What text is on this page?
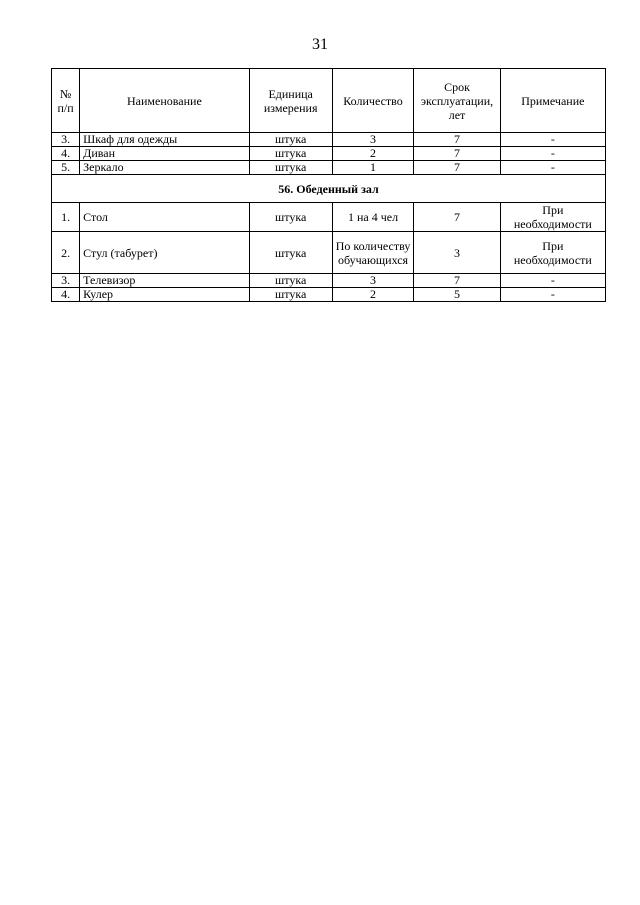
31
№ п/п	Наименование	Единица измерения	Количество	Срок эксплуатации, лет	Примечание
3.	Шкаф для одежды	штука	3	7	-
4.	Диван	штука	2	7	-
5.	Зеркало	штука	1	7	-
56. Обеденный зал					
1.	Стол	штука	1 на 4 чел	7	При необходимости
2.	Стул (табурет)	штука	По количеству обучающихся	3	При необходимости
3.	Телевизор	штука	3	7	-
4.	Кулер	штука	2	5	-
